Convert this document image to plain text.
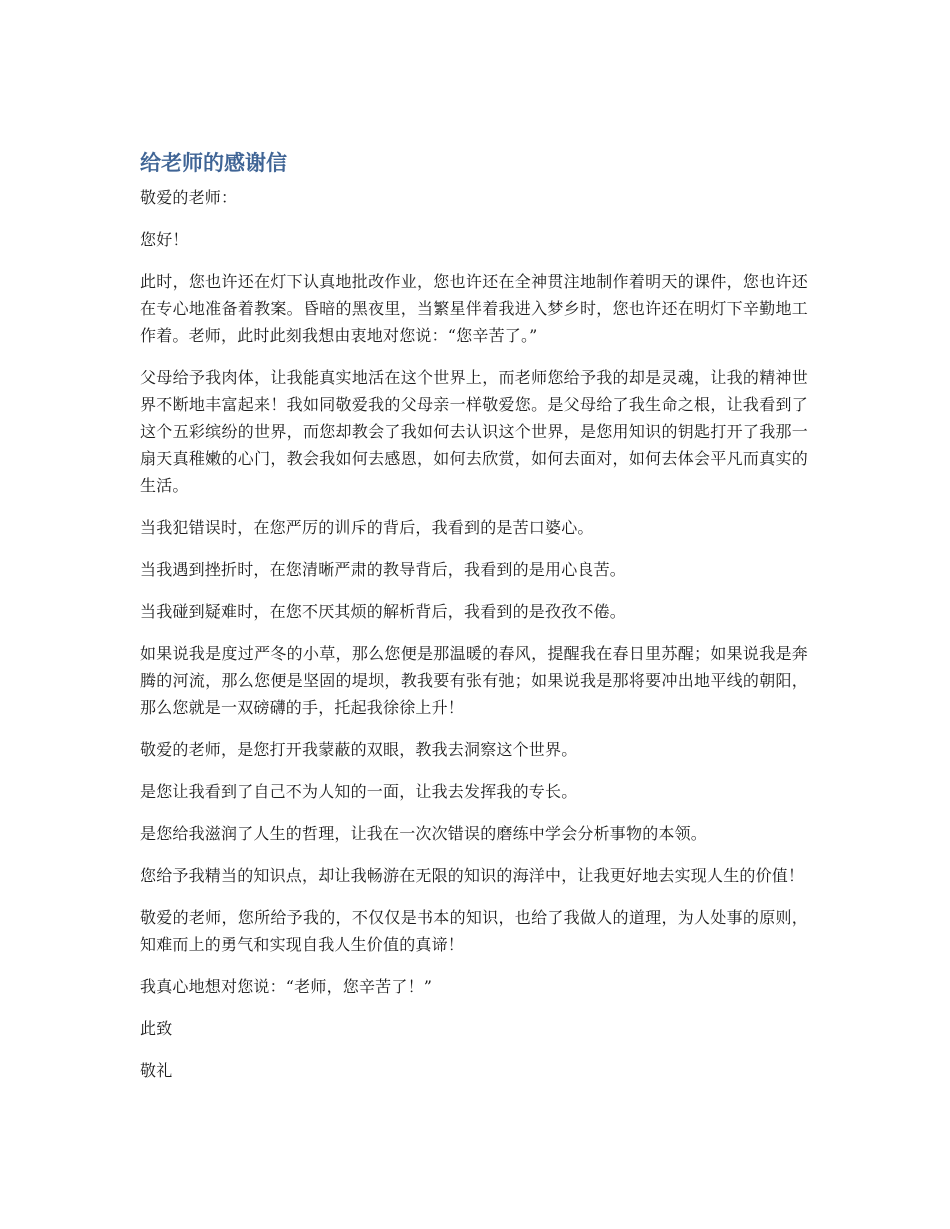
给老师的感谢信

敬爱的老师：

您好！

此时，您也许还在灯下认真地批改作业，您也许还在全神贯注地制作着明天的课件，您也许还在专心地准备着教案。昏暗的黑夜里，当繁星伴着我进入梦乡时，您也许还在明灯下辛勤地工作着。老师，此时此刻我想由衷地对您说：“您辛苦了。”

父母给予我肉体，让我能真实地活在这个世界上，而老师您给予我的却是灵魂，让我的精神世界不断地丰富起来！我如同敬爱我的父母亲一样敬爱您。是父母给了我生命之根，让我看到了这个五彩缤纷的世界，而您却教会了我如何去认识这个世界，是您用知识的钥匙打开了我那一扇天真稚嫩的心门，教会我如何去感恩，如何去欣赏，如何去面对，如何去体会平凡而真实的生活。

当我犯错误时，在您严厉的训斥的背后，我看到的是苦口婆心。

当我遇到挫折时，在您清晰严肃的教导背后，我看到的是用心良苦。

当我碰到疑难时，在您不厌其烦的解析背后，我看到的是孜孜不倦。

如果说我是度过严冬的小草，那么您便是那温暖的春风，提醒我在春日里苏醒；如果说我是奔腾的河流，那么您便是坚固的堤坝，教我要有张有弛；如果说我是那将要冲出地平线的朝阳，那么您就是一双磅礴的手，托起我徐徐上升！

敬爱的老师，是您打开我蒙蔽的双眼，教我去洞察这个世界。

是您让我看到了自己不为人知的一面，让我去发挥我的专长。

是您给我滋润了人生的哲理，让我在一次次错误的磨练中学会分析事物的本领。

您给予我精当的知识点，却让我畅游在无限的知识的海洋中，让我更好地去实现人生的价值！

敬爱的老师，您所给予我的，不仅仅是书本的知识，也给了我做人的道理，为人处事的原则，知难而上的勇气和实现自我人生价值的真谛！

我真心地想对您说：“老师，您辛苦了！”

此致

敬礼
